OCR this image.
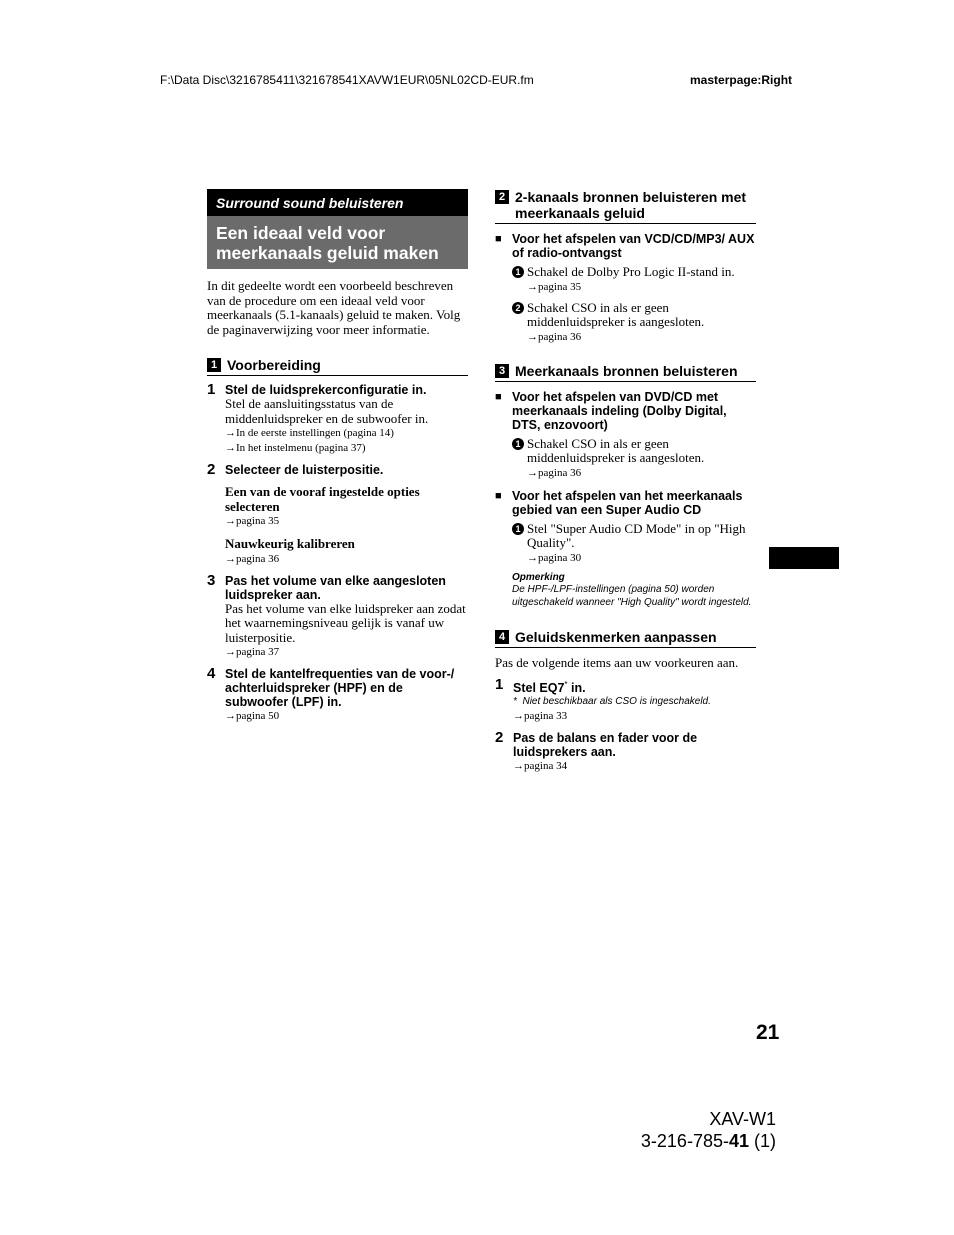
F:\Data Disc\3216785411\321678541XAVW1EUR\05NL02CD-EUR.fm	masterpage:Right
Surround sound beluisteren
Een ideaal veld voor meerkanaals geluid maken
In dit gedeelte wordt een voorbeeld beschreven van de procedure om een ideaal veld voor meerkanaals (5.1-kanaals) geluid te maken. Volg de paginaverwijzing voor meer informatie.
1 Voorbereiding
1 Stel de luidsprekerconfiguratie in.
Stel de aansluitingsstatus van de middenluidspreker en de subwoofer in.
→In de eerste instellingen (pagina 14)
→In het instelmenu (pagina 37)
2 Selecteer de luisterpositie.
Een van de vooraf ingestelde opties selecteren
→pagina 35
Nauwkeurig kalibreren
→pagina 36
3 Pas het volume van elke aangesloten luidspreker aan.
Pas het volume van elke luidspreker aan zodat het waarnemingsniveau gelijk is vanaf uw luisterpositie.
→pagina 37
4 Stel de kantelfrequenties van de voor-/ achterluidspreker (HPF) en de subwoofer (LPF) in.
→pagina 50
2 2-kanaals bronnen beluisteren met meerkanaals geluid
■ Voor het afspelen van VCD/CD/MP3/ AUX of radio-ontvangst
1 Schakel de Dolby Pro Logic II-stand in.
→pagina 35
2 Schakel CSO in als er geen middenluidspreker is aangesloten.
→pagina 36
3 Meerkanaals bronnen beluisteren
■ Voor het afspelen van DVD/CD met meerkanaals indeling (Dolby Digital, DTS, enzovoort)
1 Schakel CSO in als er geen middenluidspreker is aangesloten.
→pagina 36
■ Voor het afspelen van het meerkanaals gebied van een Super Audio CD
1 Stel "Super Audio CD Mode" in op "High Quality".
→pagina 30
Opmerking
De HPF-/LPF-instellingen (pagina 50) worden uitgeschakeld wanneer "High Quality" wordt ingesteld.
4 Geluidskenmerken aanpassen
Pas de volgende items aan uw voorkeuren aan.
1 Stel EQ7* in.
* Niet beschikbaar als CSO is ingeschakeld.
→pagina 33
2 Pas de balans en fader voor de luidsprekers aan.
→pagina 34
21
XAV-W1
3-216-785-41 (1)
